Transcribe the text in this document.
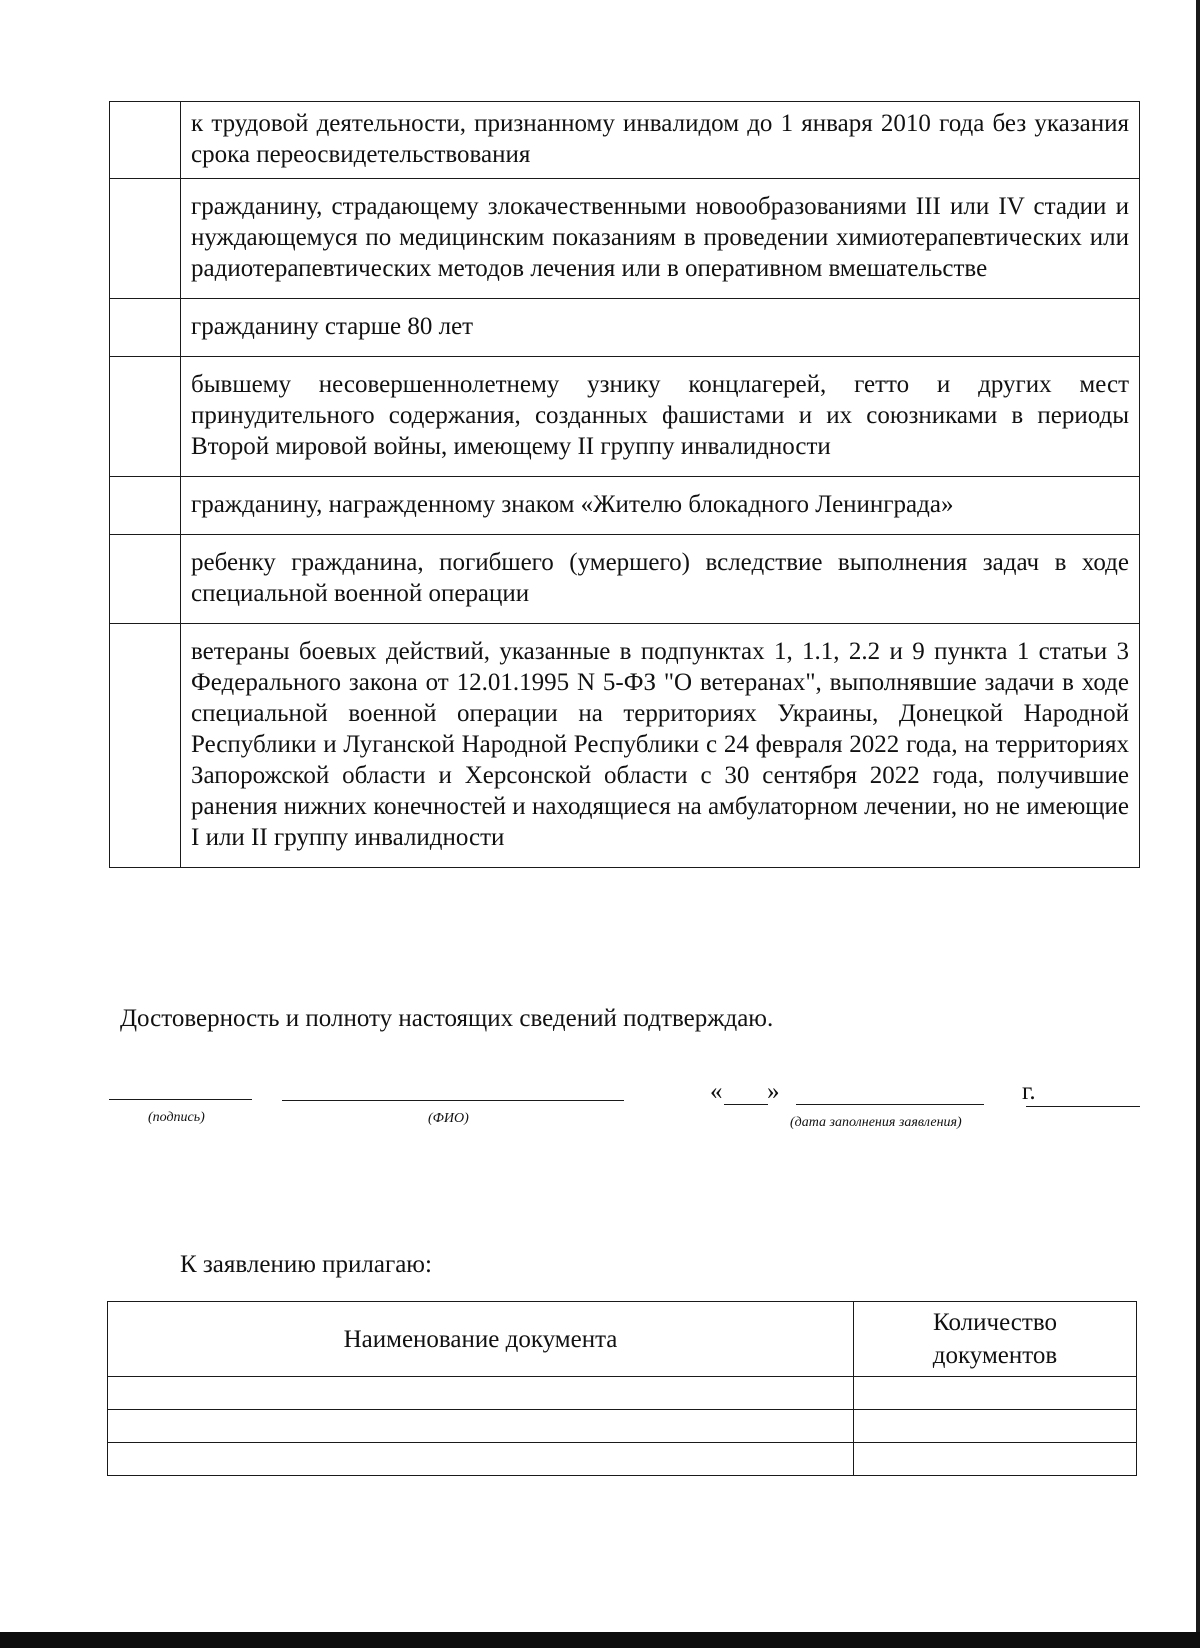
	к трудовой деятельности, признанному инвалидом до 1 января 2010 года без указания срока переосвидетельствования
	гражданину, страдающему злокачественными новообразованиями III или IV стадии и нуждающемуся по медицинским показаниям в проведении химиотерапевтических или радиотерапевтических методов лечения или в оперативном вмешательстве
	гражданину старше 80 лет
	бывшему несовершеннолетнему узнику концлагерей, гетто и других мест принудительного содержания, созданных фашистами и их союзниками в периоды Второй мировой войны, имеющему II группу инвалидности
	гражданину, награжденному знаком «Жителю блокадного Ленинграда»
	ребенку гражданина, погибшего (умершего) вследствие выполнения задач в ходе специальной военной операции
	ветераны боевых действий, указанные в подпунктах 1, 1.1, 2.2 и 9 пункта 1 статьи 3 Федерального закона от 12.01.1995 N 5-ФЗ "О ветеранах", выполнявшие задачи в ходе специальной военной операции на территориях Украины, Донецкой Народной Республики и Луганской Народной Республики с 24 февраля 2022 года, на территориях Запорожской области и Херсонской области с 30 сентября 2022 года, получившие ранения нижних конечностей и находящиеся на амбулаторном лечении, но не имеющие I или II группу инвалидности
Достоверность и полноту настоящих сведений подтверждаю.
(подпись)	(ФИО)
« »	г.
(дата заполнения заявления)
К заявлению прилагаю:
Наименование документа	Количество
документов
